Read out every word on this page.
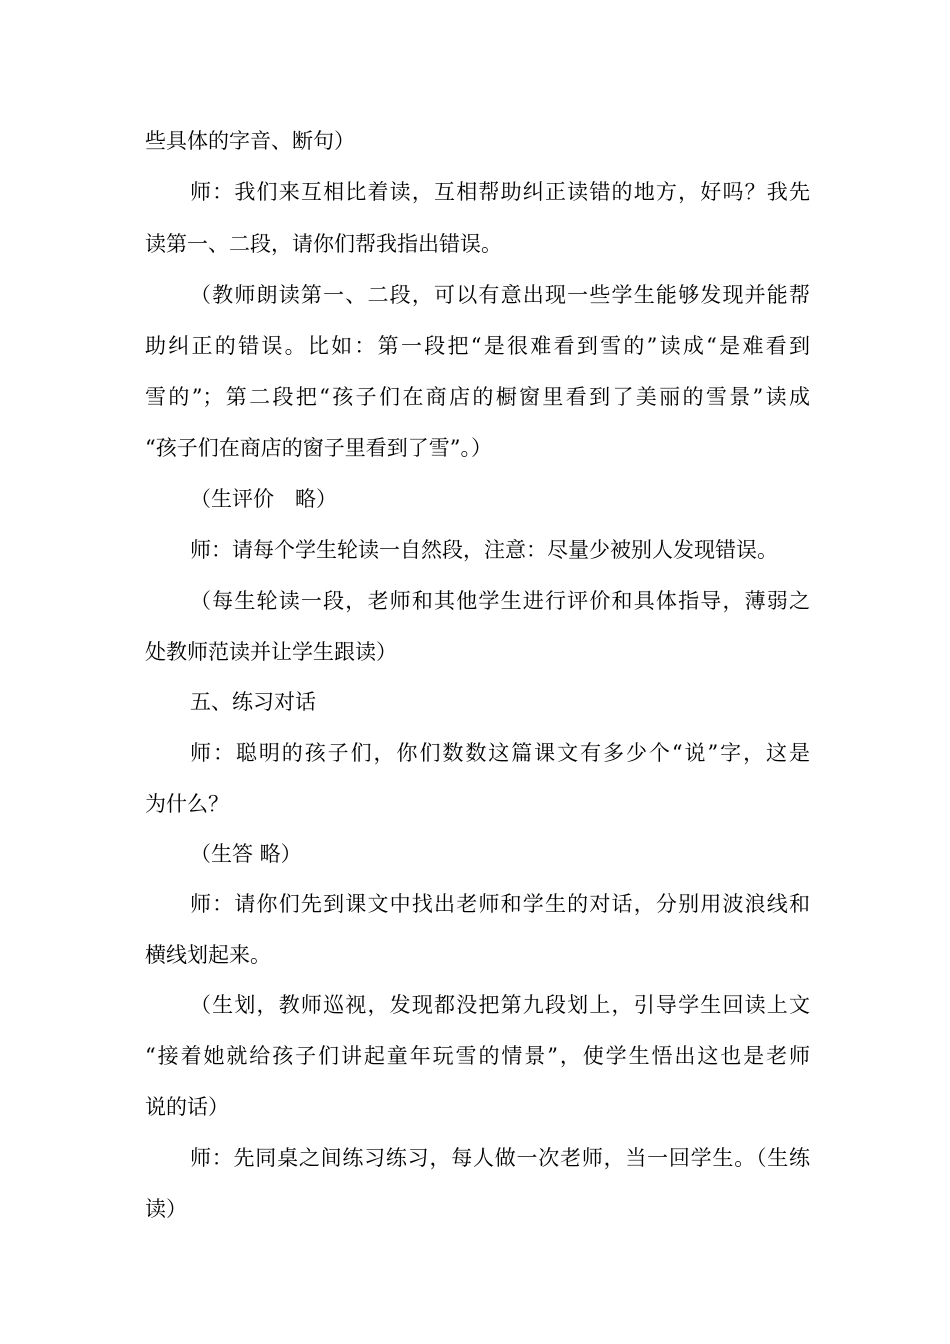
些具体的字音、断句）
师：我们来互相比着读，互相帮助纠正读错的地方，好吗？我先
读第一、二段，请你们帮我指出错误。
（教师朗读第一、二段，可以有意出现一些学生能够发现并能帮
助纠正的错误。比如：第一段把“是很难看到雪的”读成“是难看到
雪的”；第二段把“孩子们在商店的橱窗里看到了美丽的雪景”读成
“孩子们在商店的窗子里看到了雪”。）
（生评价　略）
师：请每个学生轮读一自然段，注意：尽量少被别人发现错误。
（每生轮读一段，老师和其他学生进行评价和具体指导，薄弱之
处教师范读并让学生跟读）
五、练习对话
师：聪明的孩子们，你们数数这篇课文有多少个“说”字，这是
为什么？
（生答 略）
师：请你们先到课文中找出老师和学生的对话，分别用波浪线和
横线划起来。
（生划，教师巡视，发现都没把第九段划上，引导学生回读上文
“接着她就给孩子们讲起童年玩雪的情景”，使学生悟出这也是老师
说的话）
师：先同桌之间练习练习，每人做一次老师，当一回学生。（生练
读）
